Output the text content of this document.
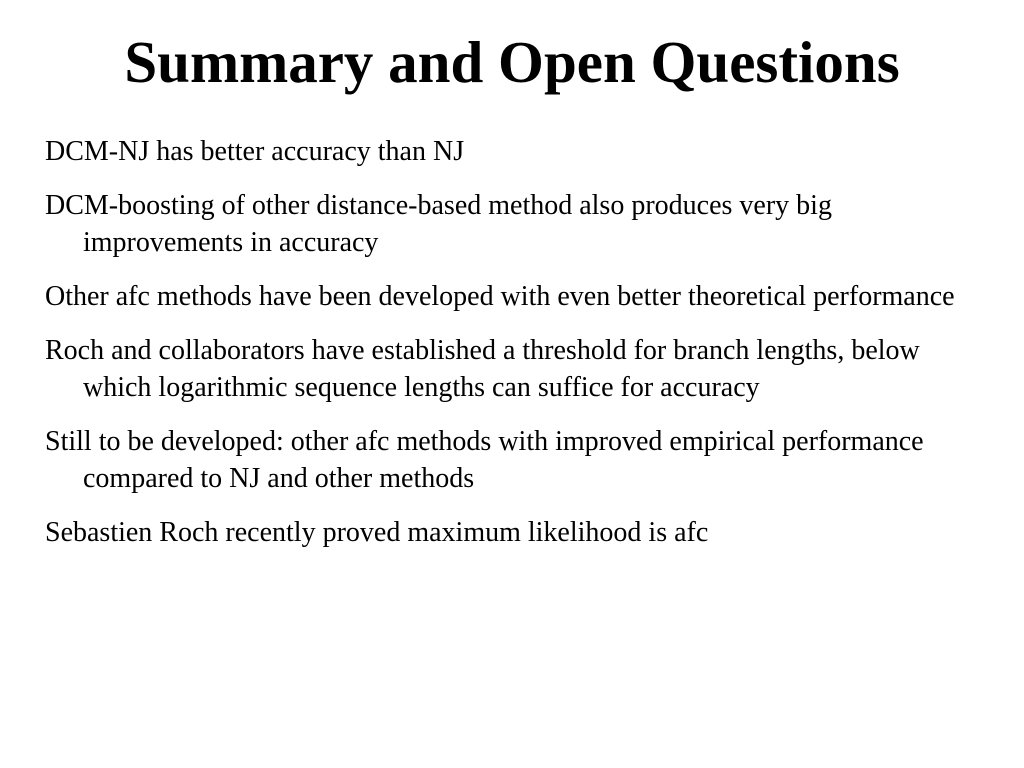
Summary and Open Questions
DCM-NJ has better accuracy than NJ
DCM-boosting of other distance-based method also produces very big improvements in accuracy
Other afc methods have been developed with even better theoretical performance
Roch and collaborators have established a threshold for branch lengths, below which logarithmic sequence lengths can suffice for accuracy
Still to be developed: other afc methods with improved empirical performance compared to NJ and other methods
Sebastien Roch recently proved maximum likelihood is afc
